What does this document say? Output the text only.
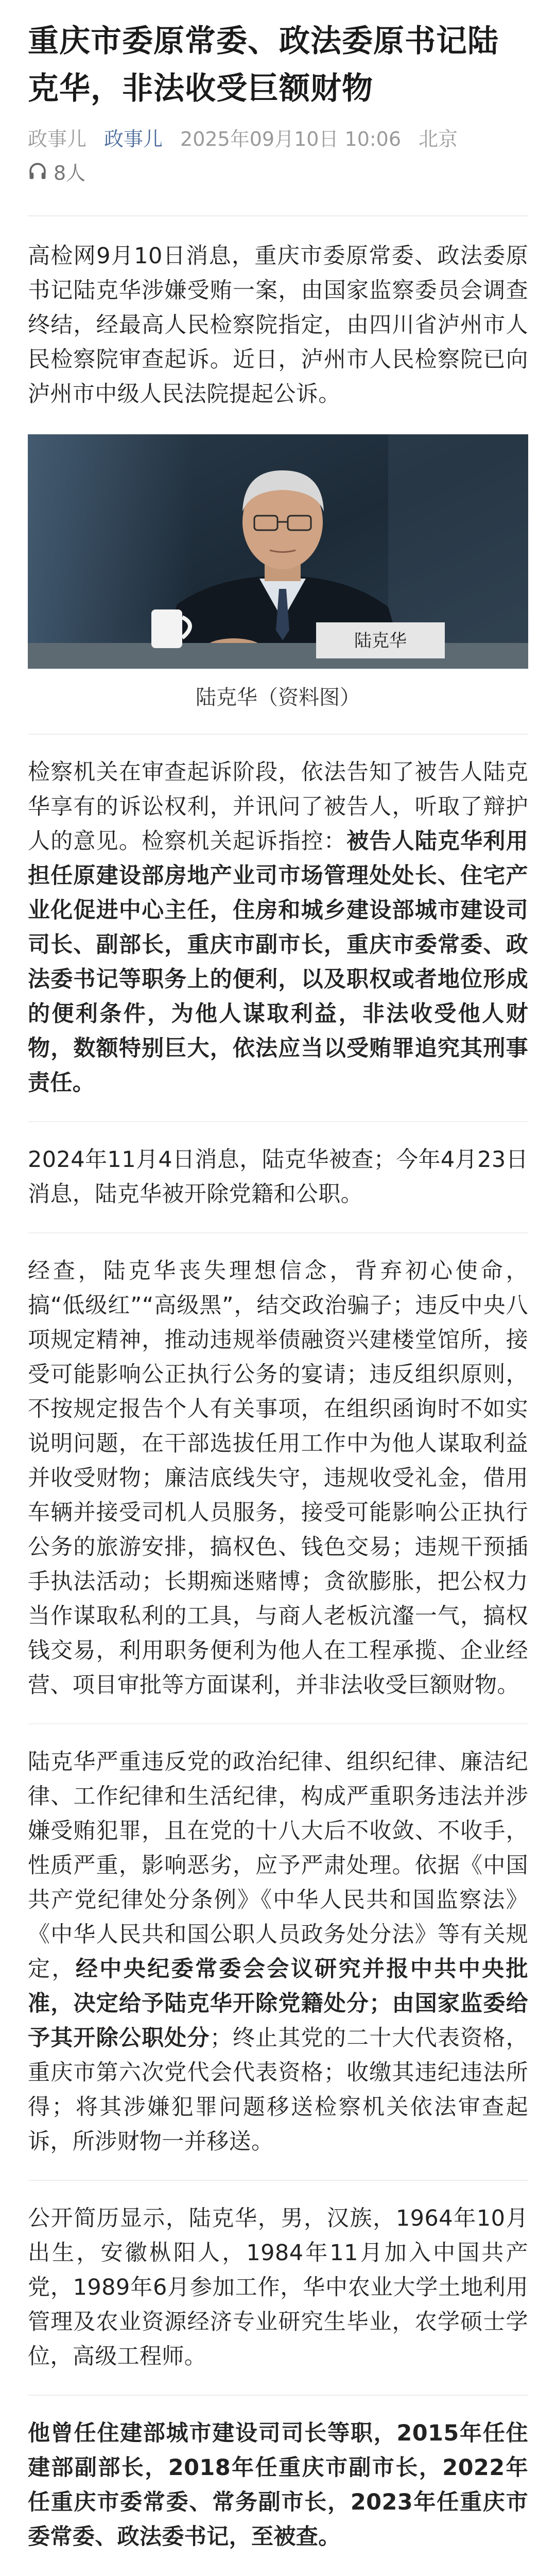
重庆市委原常委、政法委原书记陆克华，非法收受巨额财物
政事儿 政事儿 2025年09月10日 10:06 北京
8人

高检网9月10日消息，重庆市委原常委、政法委原书记陆克华涉嫌受贿一案，由国家监察委员会调查终结，经最高人民检察院指定，由四川省泸州市人民检察院审查起诉。近日，泸州市人民检察院已向泸州市中级人民法院提起公诉。

陆克华
陆克华（资料图）

检察机关在审查起诉阶段，依法告知了被告人陆克华享有的诉讼权利，并讯问了被告人，听取了辩护人的意见。检察机关起诉指控：被告人陆克华利用担任原建设部房地产业司市场管理处处长、住宅产业化促进中心主任，住房和城乡建设部城市建设司司长、副部长，重庆市副市长，重庆市委常委、政法委书记等职务上的便利，以及职权或者地位形成的便利条件，为他人谋取利益，非法收受他人财物，数额特别巨大，依法应当以受贿罪追究其刑事责任。

2024年11月4日消息，陆克华被查；今年4月23日消息，陆克华被开除党籍和公职。

经查，陆克华丧失理想信念，背弃初心使命，搞“低级红”“高级黑”，结交政治骗子；违反中央八项规定精神，推动违规举债融资兴建楼堂馆所，接受可能影响公正执行公务的宴请；违反组织原则，不按规定报告个人有关事项，在组织函询时不如实说明问题，在干部选拔任用工作中为他人谋取利益并收受财物；廉洁底线失守，违规收受礼金，借用车辆并接受司机人员服务，接受可能影响公正执行公务的旅游安排，搞权色、钱色交易；违规干预插手执法活动；长期痴迷赌博；贪欲膨胀，把公权力当作谋取私利的工具，与商人老板沆瀣一气，搞权钱交易，利用职务便利为他人在工程承揽、企业经营、项目审批等方面谋利，并非法收受巨额财物。

陆克华严重违反党的政治纪律、组织纪律、廉洁纪律、工作纪律和生活纪律，构成严重职务违法并涉嫌受贿犯罪，且在党的十八大后不收敛、不收手，性质严重，影响恶劣，应予严肃处理。依据《中国共产党纪律处分条例》《中华人民共和国监察法》《中华人民共和国公职人员政务处分法》等有关规定，经中央纪委常委会会议研究并报中共中央批准，决定给予陆克华开除党籍处分；由国家监委给予其开除公职处分；终止其党的二十大代表资格，重庆市第六次党代会代表资格；收缴其违纪违法所得；将其涉嫌犯罪问题移送检察机关依法审查起诉，所涉财物一并移送。

公开简历显示，陆克华，男，汉族，1964年10月出生，安徽枞阳人，1984年11月加入中国共产党，1989年6月参加工作，华中农业大学土地利用管理及农业资源经济专业研究生毕业，农学硕士学位，高级工程师。

他曾任住建部城市建设司司长等职，2015年任住建部副部长，2018年任重庆市副市长，2022年任重庆市委常委、常务副市长，2023年任重庆市委常委、政法委书记，至被查。
